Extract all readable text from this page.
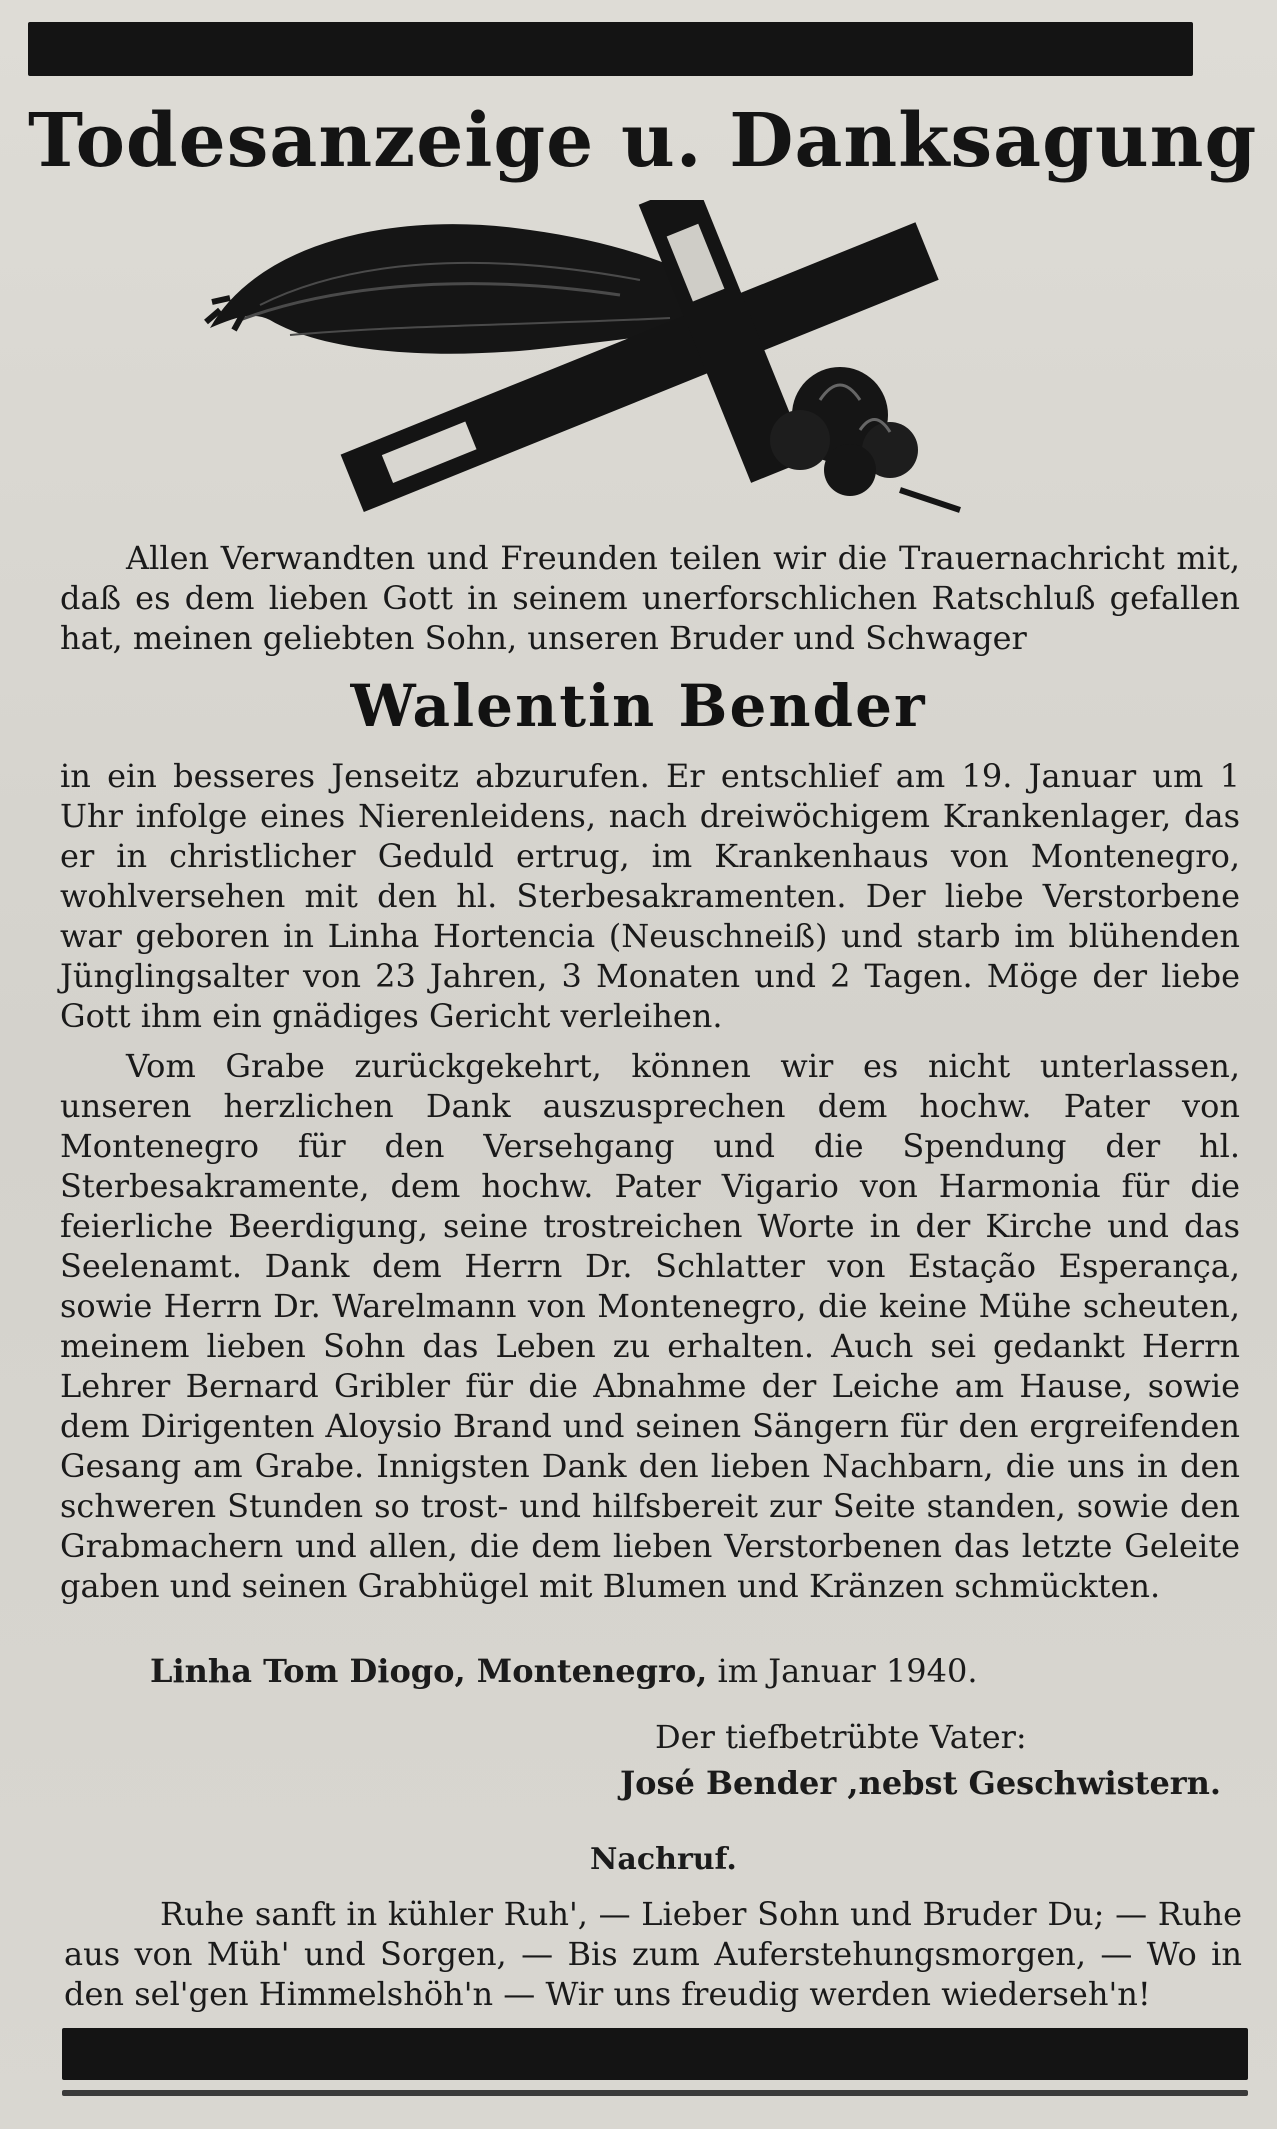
Todesanzeige u. Danksagung
Allen Verwandten und Freunden teilen wir die Trauernachricht mit, daß es dem lieben Gott in seinem unerforschlichen Ratschluß gefallen hat, meinen geliebten Sohn, unseren Bruder und Schwager
Walentin Bender
in ein besseres Jenseitz abzurufen. Er entschlief am 19. Januar um 1 Uhr infolge eines Nierenleidens, nach dreiwöchigem Krankenlager, das er in christlicher Geduld ertrug, im Krankenhaus von Montenegro, wohlversehen mit den hl. Sterbesakramenten. Der liebe Verstorbene war geboren in Linha Hortencia (Neuschneiß) und starb im blühenden Jünglingsalter von 23 Jahren, 3 Monaten und 2 Tagen. Möge der liebe Gott ihm ein gnädiges Gericht verleihen.
Vom Grabe zurückgekehrt, können wir es nicht unterlassen, unseren herzlichen Dank auszusprechen dem hochw. Pater von Montenegro für den Versehgang und die Spendung der hl. Sterbesakramente, dem hochw. Pater Vigario von Harmonia für die feierliche Beerdigung, seine trostreichen Worte in der Kirche und das Seelenamt. Dank dem Herrn Dr. Schlatter von Estação Esperança, sowie Herrn Dr. Warelmann von Montenegro, die keine Mühe scheuten, meinem lieben Sohn das Leben zu erhalten. Auch sei gedankt Herrn Lehrer Bernard Gribler für die Abnahme der Leiche am Hause, sowie dem Dirigenten Aloysio Brand und seinen Sängern für den ergreifenden Gesang am Grabe. Innigsten Dank den lieben Nachbarn, die uns in den schweren Stunden so trost- und hilfsbereit zur Seite standen, sowie den Grabmachern und allen, die dem lieben Verstorbenen das letzte Geleite gaben und seinen Grabhügel mit Blumen und Kränzen schmückten.
Linha Tom Diogo, Montenegro, im Januar 1940.
Der tiefbetrübte Vater:
José Bender ,nebst Geschwistern.
Nachruf.
Ruhe sanft in kühler Ruh', — Lieber Sohn und Bruder Du; — Ruhe aus von Müh' und Sorgen, — Bis zum Auferstehungsmorgen, — Wo in den sel'gen Himmelshöh'n — Wir uns freudig werden wiederseh'n!
